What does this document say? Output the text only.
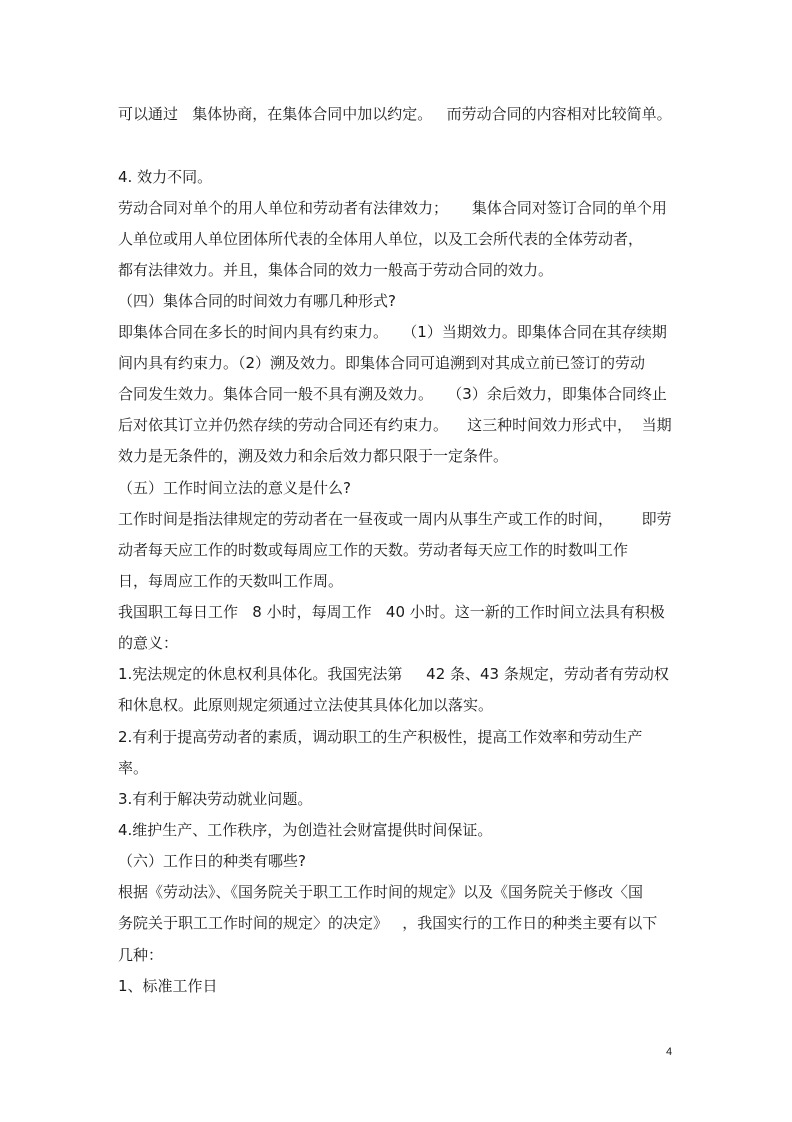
可以通过   集体协商，在集体合同中加以约定。   而劳动合同的内容相对比较简单。

4. 效力不同。

劳动合同对单个的用人单位和劳动者有法律效力；     集体合同对签订合同的单个用

人单位或用人单位团体所代表的全体用人单位，以及工会所代表的全体劳动者，

都有法律效力。并且，集体合同的效力一般高于劳动合同的效力。

（四）集体合同的时间效力有哪几种形式?

即集体合同在多长的时间内具有约束力。   （1）当期效力。即集体合同在其存续期

间内具有约束力。（2）溯及效力。即集体合同可追溯到对其成立前已签订的劳动

合同发生效力。集体合同一般不具有溯及效力。   （3）余后效力，即集体合同终止

后对依其订立并仍然存续的劳动合同还有约束力。    这三种时间效力形式中，  当期

效力是无条件的，溯及效力和余后效力都只限于一定条件。

（五）工作时间立法的意义是什么?

工作时间是指法律规定的劳动者在一昼夜或一周内从事生产或工作的时间，      即劳

动者每天应工作的时数或每周应工作的天数。劳动者每天应工作的时数叫工作

日，每周应工作的天数叫工作周。

我国职工每日工作   8 小时，每周工作   40 小时。这一新的工作时间立法具有积极

的意义：

1.宪法规定的休息权利具体化。我国宪法第     42 条、43 条规定，劳动者有劳动权

和休息权。此原则规定须通过立法使其具体化加以落实。

2.有利于提高劳动者的素质，调动职工的生产积极性，提高工作效率和劳动生产

率。

3.有利于解决劳动就业问题。

4.维护生产、工作秩序，为创造社会财富提供时间保证。

（六）工作日的种类有哪些?

根据《劳动法》、《国务院关于职工工作时间的规定》以及《国务院关于修改〈国

务院关于职工工作时间的规定〉的决定》   ，我国实行的工作日的种类主要有以下

几种：

1、标准工作日

4
